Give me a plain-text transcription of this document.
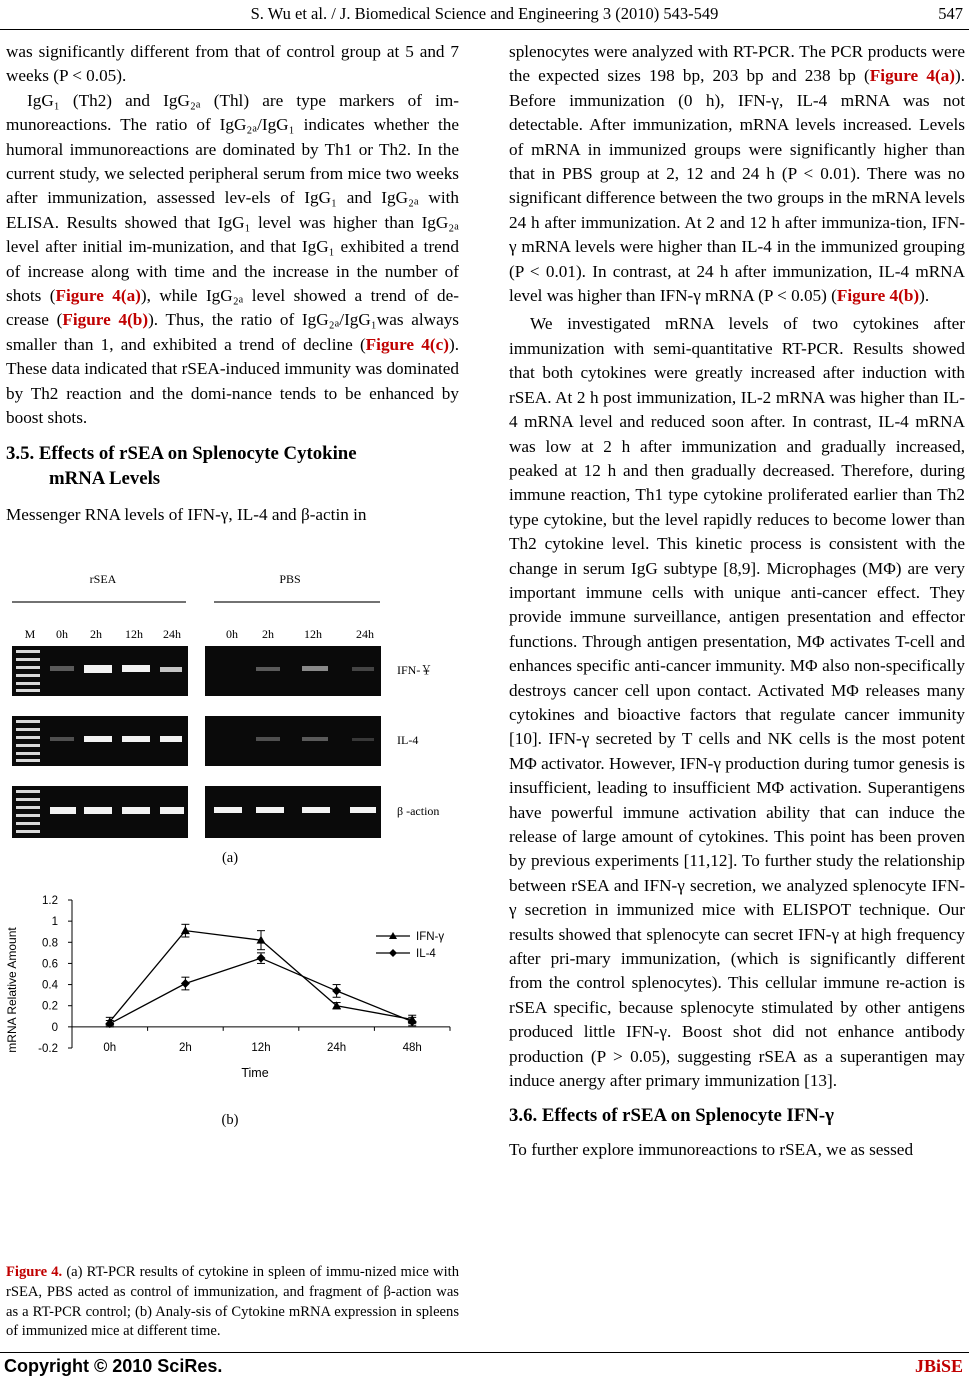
S. Wu et al. / J. Biomedical Science and Engineering 3 (2010) 543-549	547

was significantly different from that of control group at 5 and 7 weeks (P < 0.05).

IgG₁ (Th2) and IgG₂ₐ (Thl) are type markers of im-munoreactions. The ratio of IgG₂ₐ/IgG₁ indicates whether the humoral immunoreactions are dominated by Th1 or Th2. In the current study, we selected peripheral serum from mice two weeks after immunization, assessed lev-els of IgG₁ and IgG₂ₐ with ELISA. Results showed that IgG₁ level was higher than IgG₂ₐ level after initial im-munization, and that IgG₁ exhibited a trend of increase along with time and the increase in the number of shots (Figure 4(a)), while IgG₂ₐ level showed a trend of de-crease (Figure 4(b)). Thus, the ratio of IgG₂ₐ/IgG₁was always smaller than 1, and exhibited a trend of decline (Figure 4(c)). These data indicated that rSEA-induced immunity was dominated by Th2 reaction and the domi-nance tends to be enhanced by boost shots.

3.5. Effects of rSEA on Splenocyte Cytokine
mRNA Levels

Messenger RNA levels of IFN-γ, IL-4 and β-actin in

rSEA	PBS
M 0h 2h 12h 24h	0h 2h	12h	24h
IFN-￥
IL-4
β -action
(a)
1.2
1
0.8
0.6
0.4
0.2
0
-0.2	0h	2h	12h	24h	48h
mRNA Relative Amount
Time
IFN-γ
IL-4
(b)
Figure 4. (a) RT-PCR results of cytokine in spleen of immu-nized mice with rSEA, PBS acted as control of immunization, and fragment of β-action was as a RT-PCR control; (b) Analy-sis of Cytokine mRNA expression in spleens of immunized mice at different time.

splenocytes were analyzed with RT-PCR. The PCR products were the expected sizes 198 bp, 203 bp and 238 bp (Figure 4(a)). Before immunization (0 h), IFN-γ, IL-4 mRNA was not detectable. After immunization, mRNA levels increased. Levels of mRNA in immunized groups were significantly higher than that in PBS group at 2, 12 and 24 h (P < 0.01). There was no significant difference between the two groups in the mRNA levels 24 h after immunization. At 2 and 12 h after immuniza-tion, IFN-γ mRNA levels were higher than IL-4 in the immunized grouping (P < 0.01). In contrast, at 24 h after immunization, IL-4 mRNA level was higher than IFN-γ mRNA (P < 0.05) (Figure 4(b)).

We investigated mRNA levels of two cytokines after immunization with semi-quantitative RT-PCR. Results showed that both cytokines were greatly increased after induction with rSEA. At 2 h post immunization, IL-2 mRNA was higher than IL-4 mRNA level and reduced soon after. In contrast, IL-4 mRNA was low at 2 h after immunization and gradually increased, peaked at 12 h and then gradually decreased. Therefore, during immune reaction, Th1 type cytokine proliferated earlier than Th2 type cytokine, but the level rapidly reduces to become lower than Th2 cytokine level. This kinetic process is consistent with the change in serum IgG subtype [8,9]. Microphages (MΦ) are very important immune cells with unique anti-cancer effect. They provide immune surveillance, antigen presentation and effector functions. Through antigen presentation, MΦ activates T-cell and enhances specific anti-cancer immunity. MΦ also non-specifically destroys cancer cell upon contact. Activated MΦ releases many cytokines and bioactive factors that regulate cancer immunity [10]. IFN-γ secreted by T cells and NK cells is the most potent MΦ activator. However, IFN-γ production during tumor genesis is insufficient, leading to insufficient MΦ activation. Superantigens have powerful immune activation ability that can induce the release of large amount of cytokines. This point has been proven by previous experiments [11,12]. To further study the relationship between rSEA and IFN-γ secretion, we analyzed splenocyte IFN-γ secretion in immunized mice with ELISPOT technique. Our results showed that splenocyte can secret IFN-γ at high frequency after pri-mary immunization, (which is significantly different from the control splenocytes). This cellular immune re-action is rSEA specific, because splenocyte stimulated by other antigens produced little IFN-γ. Boost shot did not enhance antibody production (P > 0.05), suggesting rSEA as a superantigen may induce anergy after primary immunization [13].

3.6. Effects of rSEA on Splenocyte IFN-γ

To further explore immunoreactions to rSEA, we as sessed

Copyright © 2010 SciRes.	JBiSE
